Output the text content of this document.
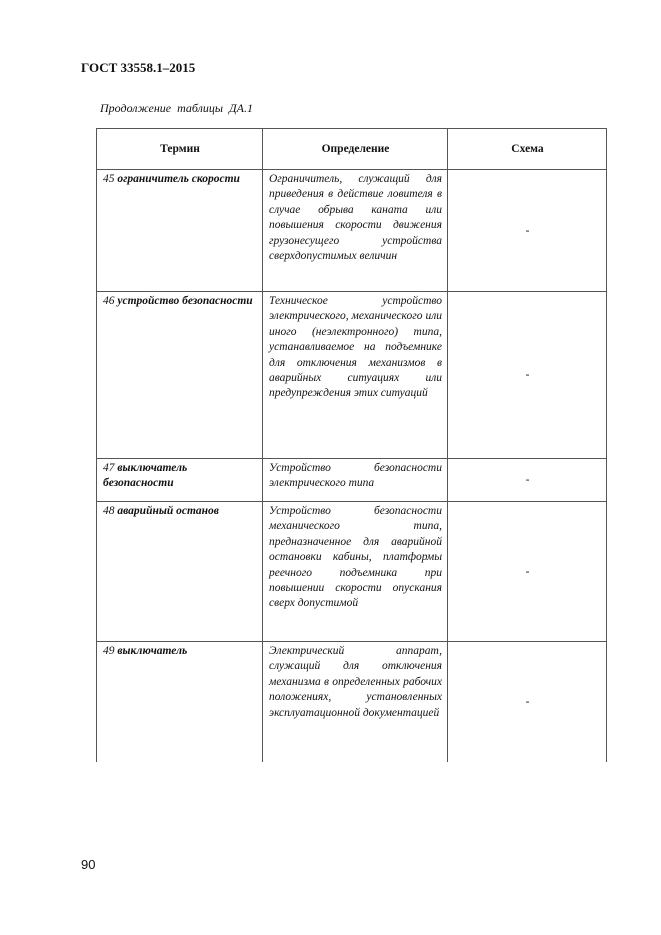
ГОСТ 33558.1–2015
Продолжение таблицы ДА.1
Термин	Определение	Схема
45 ограничитель скорости	Ограничитель, служащий для приведения в действие ловителя в случае обрыва каната или повышения скорости движения грузонесущего устройства сверхдопустимых величин	-
46 устройство безопасности	Техническое устройство электрического, механического или иного (неэлектронного) типа, устанавливаемое на подъемнике для отключения механизмов в аварийных ситуациях или предупреждения этих ситуаций	-
47 выключатель безопасности	Устройство безопасности электрического типа	-
48 аварийный останов	Устройство безопасности механического типа, предназначенное для аварийной остановки кабины, платформы реечного подъемника при повышении скорости опускания сверх допустимой	-
49 выключатель	Электрический аппарат, служащий для отключения механизма в определенных рабочих положениях, установленных эксплуатационной документацией	-
90
